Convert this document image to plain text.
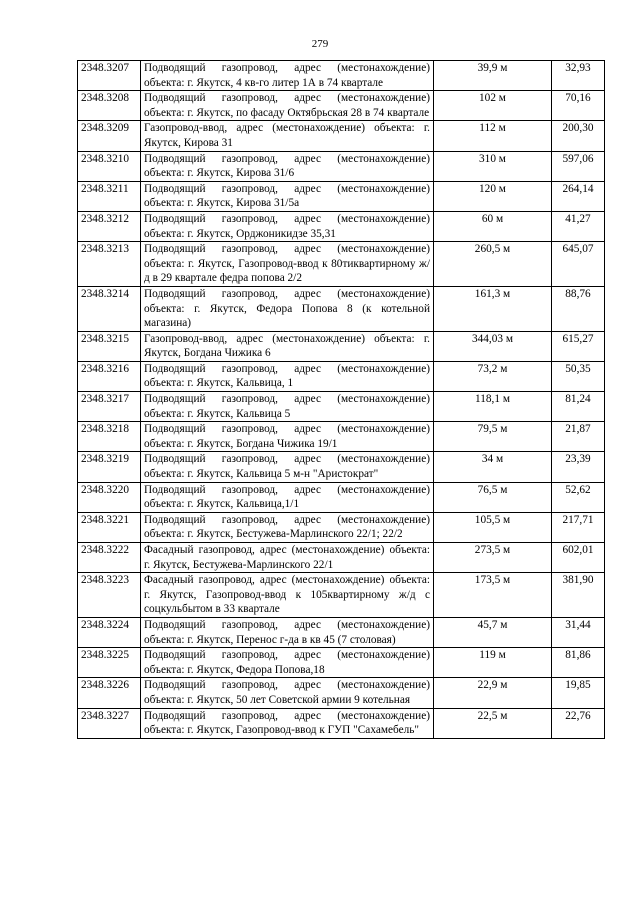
279
2348.3207	Подводящий газопровод, адрес (местонахождение) объекта: г. Якутск, 4 кв-го литер 1А в 74 квартале	39,9 м	32,93
2348.3208	Подводящий газопровод, адрес (местонахождение) объекта: г. Якутск, по фасаду Октябрьская 28 в 74 квартале	102 м	70,16
2348.3209	Газопровод-ввод, адрес (местонахождение) объекта: г. Якутск, Кирова 31	112 м	200,30
2348.3210	Подводящий газопровод, адрес (местонахождение) объекта: г. Якутск, Кирова 31/6	310 м	597,06
2348.3211	Подводящий газопровод, адрес (местонахождение) объекта: г. Якутск, Кирова 31/5а	120 м	264,14
2348.3212	Подводящий газопровод, адрес (местонахождение) объекта: г. Якутск, Орджоникидзе 35,31	60 м	41,27
2348.3213	Подводящий газопровод, адрес (местонахождение) объекта: г. Якутск, Газопровод-ввод к 80тиквартирному ж/д в 29 квартале федра попова 2/2	260,5 м	645,07
2348.3214	Подводящий газопровод, адрес (местонахождение) объекта: г. Якутск, Федора Попова 8 (к котельной магазина)	161,3 м	88,76
2348.3215	Газопровод-ввод, адрес (местонахождение) объекта: г. Якутск, Богдана Чижика 6	344,03 м	615,27
2348.3216	Подводящий газопровод, адрес (местонахождение) объекта: г. Якутск, Кальвица, 1	73,2 м	50,35
2348.3217	Подводящий газопровод, адрес (местонахождение) объекта: г. Якутск, Кальвица 5	118,1 м	81,24
2348.3218	Подводящий газопровод, адрес (местонахождение) объекта: г. Якутск, Богдана Чижика 19/1	79,5 м	21,87
2348.3219	Подводящий газопровод, адрес (местонахождение) объекта: г. Якутск, Кальвица 5 м-н "Аристократ"	34 м	23,39
2348.3220	Подводящий газопровод, адрес (местонахождение) объекта: г. Якутск, Кальвица,1/1	76,5 м	52,62
2348.3221	Подводящий газопровод, адрес (местонахождение) объекта: г. Якутск, Бестужева-Марлинского 22/1; 22/2	105,5 м	217,71
2348.3222	Фасадный газопровод, адрес (местонахождение) объекта: г. Якутск, Бестужева-Марлинского 22/1	273,5 м	602,01
2348.3223	Фасадный газопровод, адрес (местонахождение) объекта: г. Якутск, Газопровод-ввод к 105квартирному ж/д с соцкульбытом в 33 квартале	173,5 м	381,90
2348.3224	Подводящий газопровод, адрес (местонахождение) объекта: г. Якутск, Перенос г-да в кв 45 (7 столовая)	45,7 м	31,44
2348.3225	Подводящий газопровод, адрес (местонахождение) объекта: г. Якутск, Федора Попова,18	119 м	81,86
2348.3226	Подводящий газопровод, адрес (местонахождение) объекта: г. Якутск, 50 лет Советской армии 9 котельная	22,9 м	19,85
2348.3227	Подводящий газопровод, адрес (местонахождение) объекта: г. Якутск, Газопровод-ввод к ГУП "Сахамебель"	22,5 м	22,76
